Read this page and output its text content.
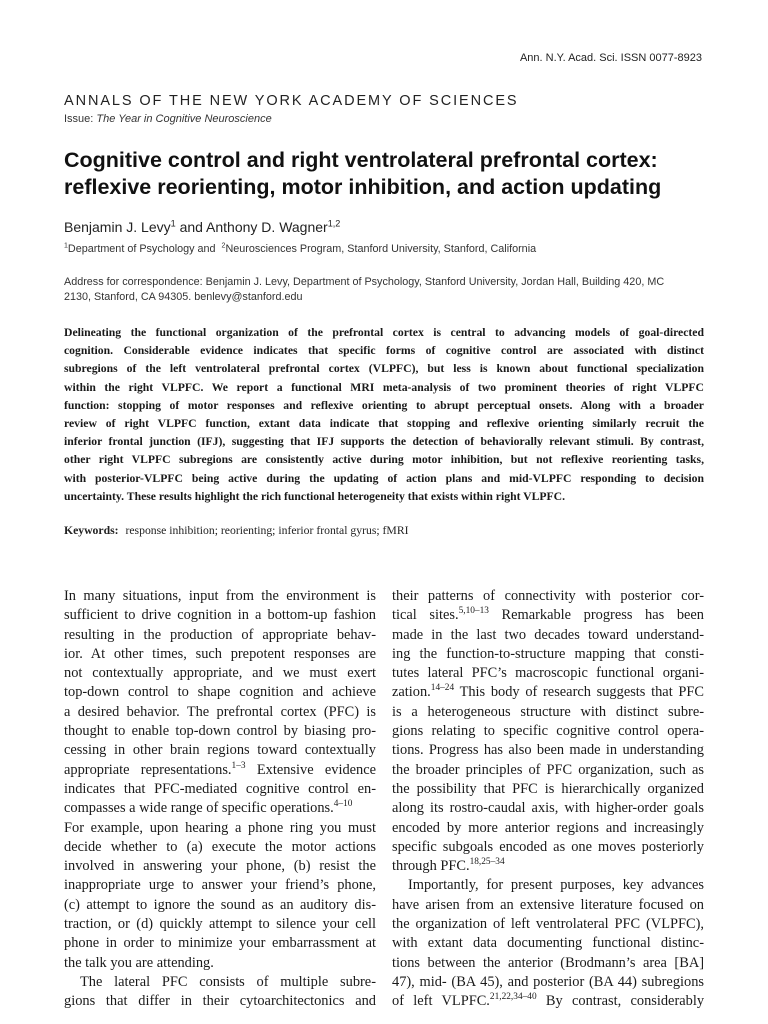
Ann. N.Y. Acad. Sci. ISSN 0077-8923
ANNALS OF THE NEW YORK ACADEMY OF SCIENCES
Issue: The Year in Cognitive Neuroscience
Cognitive control and right ventrolateral prefrontal cortex:
reflexive reorienting, motor inhibition, and action updating
Benjamin J. Levy$^1$ and Anthony D. Wagner$^{1,2}$
$^1$Department of Psychology and $^2$Neurosciences Program, Stanford University, Stanford, California
Address for correspondence: Benjamin J. Levy, Department of Psychology, Stanford University, Jordan Hall, Building 420, MC
2130, Stanford, CA 94305. benlevy@stanford.edu
Delineating the functional organization of the prefrontal cortex is central to advancing models of goal-directed
cognition. Considerable evidence indicates that specific forms of cognitive control are associated with distinct
subregions of the left ventrolateral prefrontal cortex (VLPFC), but less is known about functional specialization
within the right VLPFC. We report a functional MRI meta-analysis of two prominent theories of right VLPFC
function: stopping of motor responses and reflexive orienting to abrupt perceptual onsets. Along with a broader
review of right VLPFC function, extant data indicate that stopping and reflexive orienting similarly recruit the
inferior frontal junction (IFJ), suggesting that IFJ supports the detection of behaviorally relevant stimuli. By contrast,
other right VLPFC subregions are consistently active during motor inhibition, but not reflexive reorienting tasks,
with posterior-VLPFC being active during the updating of action plans and mid-VLPFC responding to decision
uncertainty. These results highlight the rich functional heterogeneity that exists within right VLPFC.
Keywords: response inhibition; reorienting; inferior frontal gyrus; fMRI
In many situations, input from the environment is
sufficient to drive cognition in a bottom-up fashion
resulting in the production of appropriate behav-
ior. At other times, such prepotent responses are
not contextually appropriate, and we must exert
top-down control to shape cognition and achieve
a desired behavior. The prefrontal cortex (PFC) is
thought to enable top-down control by biasing pro-
cessing in other brain regions toward contextually
appropriate representations.$^{1-3}$ Extensive evidence
indicates that PFC-mediated cognitive control en-
compasses a wide range of specific operations.$^{4-10}$
For example, upon hearing a phone ring you must
decide whether to (a) execute the motor actions
involved in answering your phone, (b) resist the
inappropriate urge to answer your friend’s phone,
(c) attempt to ignore the sound as an auditory dis-
traction, or (d) quickly attempt to silence your cell
phone in order to minimize your embarrassment at
the talk you are attending.
The lateral PFC consists of multiple subre-
gions that differ in their cytoarchitectonics and
their patterns of connectivity with posterior cor-
tical sites.$^{5,10-13}$ Remarkable progress has been
made in the last two decades toward understand-
ing the function-to-structure mapping that consti-
tutes lateral PFC’s macroscopic functional organi-
zation.$^{14-24}$ This body of research suggests that PFC
is a heterogeneous structure with distinct subre-
gions relating to specific cognitive control opera-
tions. Progress has also been made in understanding
the broader principles of PFC organization, such as
the possibility that PFC is hierarchically organized
along its rostro-caudal axis, with higher-order goals
encoded by more anterior regions and increasingly
specific subgoals encoded as one moves posteriorly
through PFC.$^{18,25-34}$
Importantly, for present purposes, key advances
have arisen from an extensive literature focused on
the organization of left ventrolateral PFC (VLPFC),
with extant data documenting functional distinc-
tions between the anterior (Brodmann’s area [BA]
47), mid- (BA 45), and posterior (BA 44) subregions
of left VLPFC.$^{21,22,34-40}$ By contrast, considerably
